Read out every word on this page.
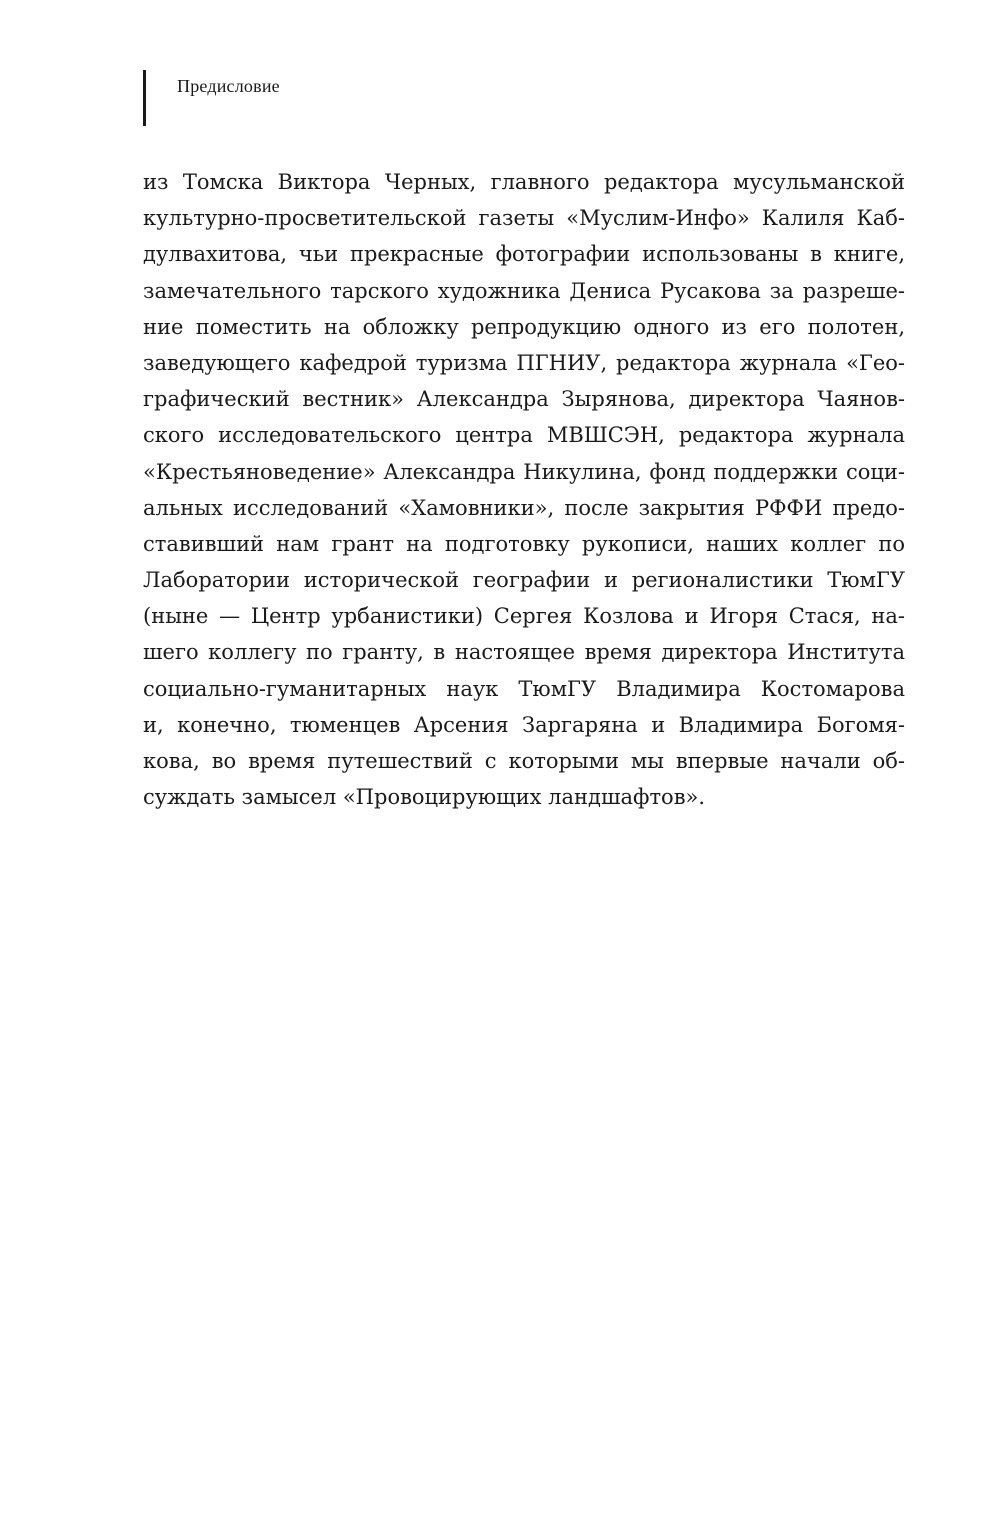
Предисловие
из Томска Виктора Черных, главного редактора мусульманской
культурно-просветительской газеты «Муслим-Инфо» Калиля Каб-
дулвахитова, чьи прекрасные фотографии использованы в книге,
замечательного тарского художника Дениса Русакова за разреше-
ние поместить на обложку репродукцию одного из его полотен,
заведующего кафедрой туризма ПГНИУ, редактора журнала «Гео-
графический вестник» Александра Зырянова, директора Чаянов-
ского исследовательского центра МВШСЭН, редактора журнала
«Крестьяноведение» Александра Никулина, фонд поддержки соци-
альных исследований «Хамовники», после закрытия РФФИ предо-
ставивший нам грант на подготовку рукописи, наших коллег по
Лаборатории исторической географии и регионалистики ТюмГУ
(ныне — Центр урбанистики) Сергея Козлова и Игоря Стася, на-
шего коллегу по гранту, в настоящее время директора Института
социально-гуманитарных наук ТюмГУ Владимира Костомарова
и, конечно, тюменцев Арсения Заргаряна и Владимира Богомя-
кова, во время путешествий с которыми мы впервые начали об-
суждать замысел «Провоцирующих ландшафтов».
